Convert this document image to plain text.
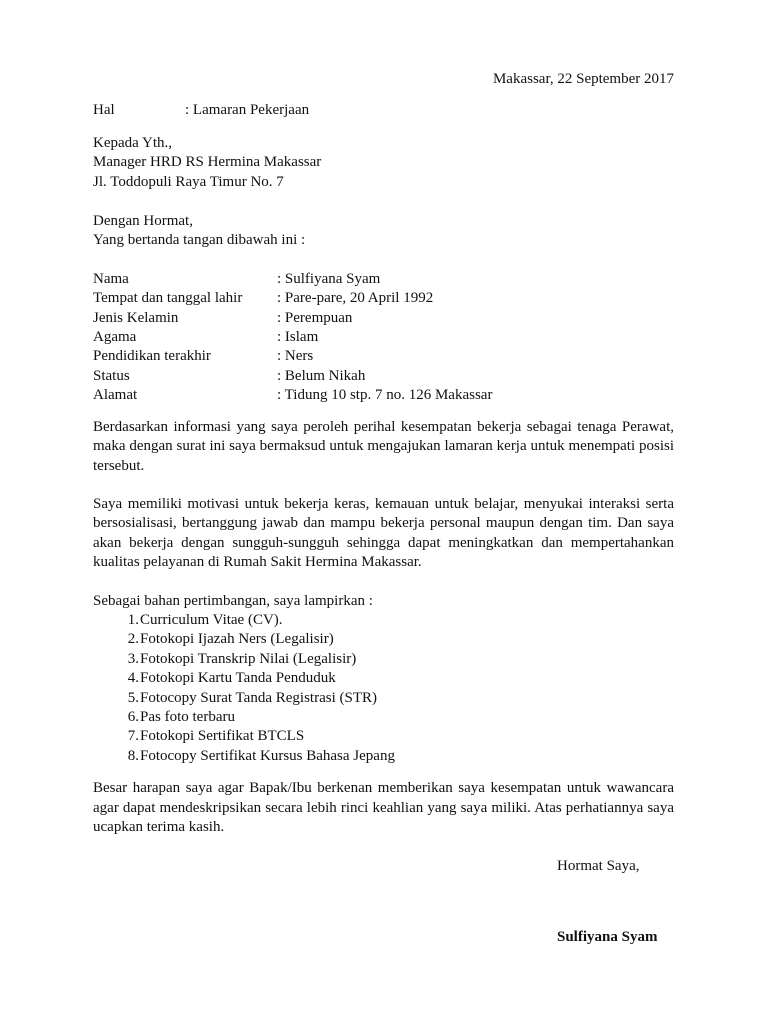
Makassar, 22 September 2017
Hal	: Lamaran Pekerjaan
Kepada Yth.,
Manager HRD RS Hermina Makassar
Jl. Toddopuli Raya Timur No. 7
Dengan Hormat,
Yang bertanda tangan dibawah ini :
Nama	: Sulfiyana Syam
Tempat dan tanggal lahir	: Pare-pare, 20 April 1992
Jenis Kelamin	: Perempuan
Agama	: Islam
Pendidikan terakhir	: Ners
Status	: Belum Nikah
Alamat	: Tidung 10 stp. 7 no. 126 Makassar

Berdasarkan informasi yang saya peroleh perihal kesempatan bekerja sebagai tenaga Perawat, maka dengan surat ini saya bermaksud untuk mengajukan lamaran kerja untuk menempati posisi tersebut.

Saya memiliki motivasi untuk bekerja keras, kemauan untuk belajar, menyukai interaksi serta bersosialisasi, bertanggung jawab dan mampu bekerja personal maupun dengan tim. Dan saya akan bekerja dengan sungguh-sungguh sehingga dapat meningkatkan dan mempertahankan kualitas pelayanan di Rumah Sakit Hermina Makassar.

Sebagai bahan pertimbangan, saya lampirkan :
1. Curriculum Vitae (CV).
2. Fotokopi Ijazah Ners (Legalisir)
3. Fotokopi Transkrip Nilai (Legalisir)
4. Fotokopi Kartu Tanda Penduduk
5. Fotocopy Surat Tanda Registrasi (STR)
6. Pas foto terbaru
7. Fotokopi Sertifikat BTCLS
8. Fotocopy Sertifikat Kursus Bahasa Jepang

Besar harapan saya agar Bapak/Ibu berkenan memberikan saya kesempatan untuk wawancara agar dapat mendeskripsikan secara lebih rinci keahlian yang saya miliki. Atas perhatiannya saya ucapkan terima kasih.

Hormat Saya,
Sulfiyana Syam
